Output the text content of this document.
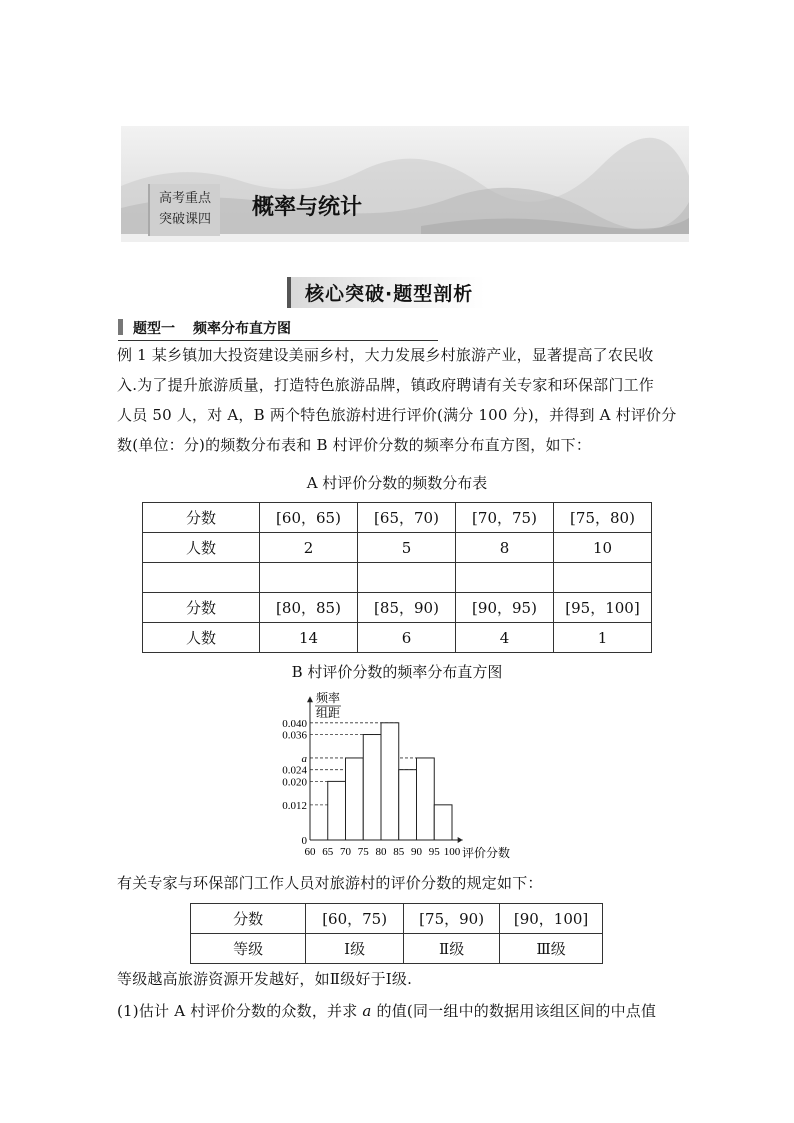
高考重点
突破课四	概率与统计
核心突破·题型剖析
题型一 频率分布直方图
例 1 某乡镇加大投资建设美丽乡村，大力发展乡村旅游产业，显著提高了农民收
入.为了提升旅游质量，打造特色旅游品牌，镇政府聘请有关专家和环保部门工作
人员 50 人，对 A，B 两个特色旅游村进行评价(满分 100 分)，并得到 A 村评价分
数(单位：分)的频数分布表和 B 村评价分数的频率分布直方图，如下：
A 村评价分数的频数分布表
分数	[60，65)	[65，70)	[70，75)	[75，80)
人数	2	5	8	10

分数	[80，85)	[85，90)	[90，95)	[95，100]
人数	14	6	4	1
B 村评价分数的频率分布直方图
0
0.012
0.020
0.024
a
0.036
0.040
60 65 70 75 80 85 90 95 100
频率
组距
评价分数
有关专家与环保部门工作人员对旅游村的评价分数的规定如下：
分数	[60，75)	[75，90)	[90，100]
等级	Ⅰ级	Ⅱ级	Ⅲ级
等级越高旅游资源开发越好，如Ⅱ级好于Ⅰ级.
(1)估计 A 村评价分数的众数，并求 a 的值(同一组中的数据用该组区间的中点值
